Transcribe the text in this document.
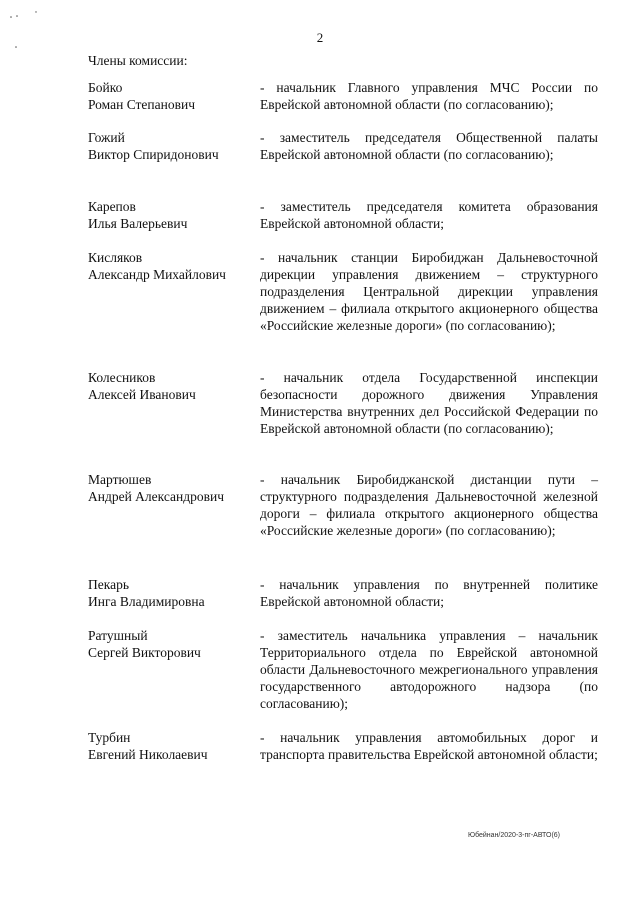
2
Члены комиссии:
Бойко
Роман Степанович
- начальник Главного управления МЧС России по Еврейской автономной области (по согласованию);
Гожий
Виктор Спиридонович
- заместитель председателя Общественной палаты Еврейской автономной области (по согласованию);
Карепов
Илья Валерьевич
- заместитель председателя комитета образования Еврейской автономной области;
Кисляков
Александр Михайлович
- начальник станции Биробиджан Дальневосточной дирекции управления движением – структурного подразделения Центральной дирекции управления движением – филиала открытого акционерного общества «Российские железные дороги» (по согласованию);
Колесников
Алексей Иванович
- начальник отдела Государственной инспекции безопасности дорожного движения Управления Министерства внутренних дел Российской Федерации по Еврейской автономной области (по согласованию);
Мартюшев
Андрей Александрович
- начальник Биробиджанской дистанции пути – структурного подразделения Дальневосточной железной дороги – филиала открытого акционерного общества «Российские железные дороги» (по согласованию);
Пекарь
Инга Владимировна
- начальник управления по внутренней политике Еврейской автономной области;
Ратушный
Сергей Викторович
- заместитель начальника управления – начальник Территориального отдела по Еврейской автономной области Дальневосточного межрегионального управления государственного автодорожного надзора (по согласованию);
Турбин
Евгений Николаевич
- начальник управления автомобильных дорог и транспорта правительства Еврейской автономной области;
Юбейнан/2020-3-пг-АВТО(6)
